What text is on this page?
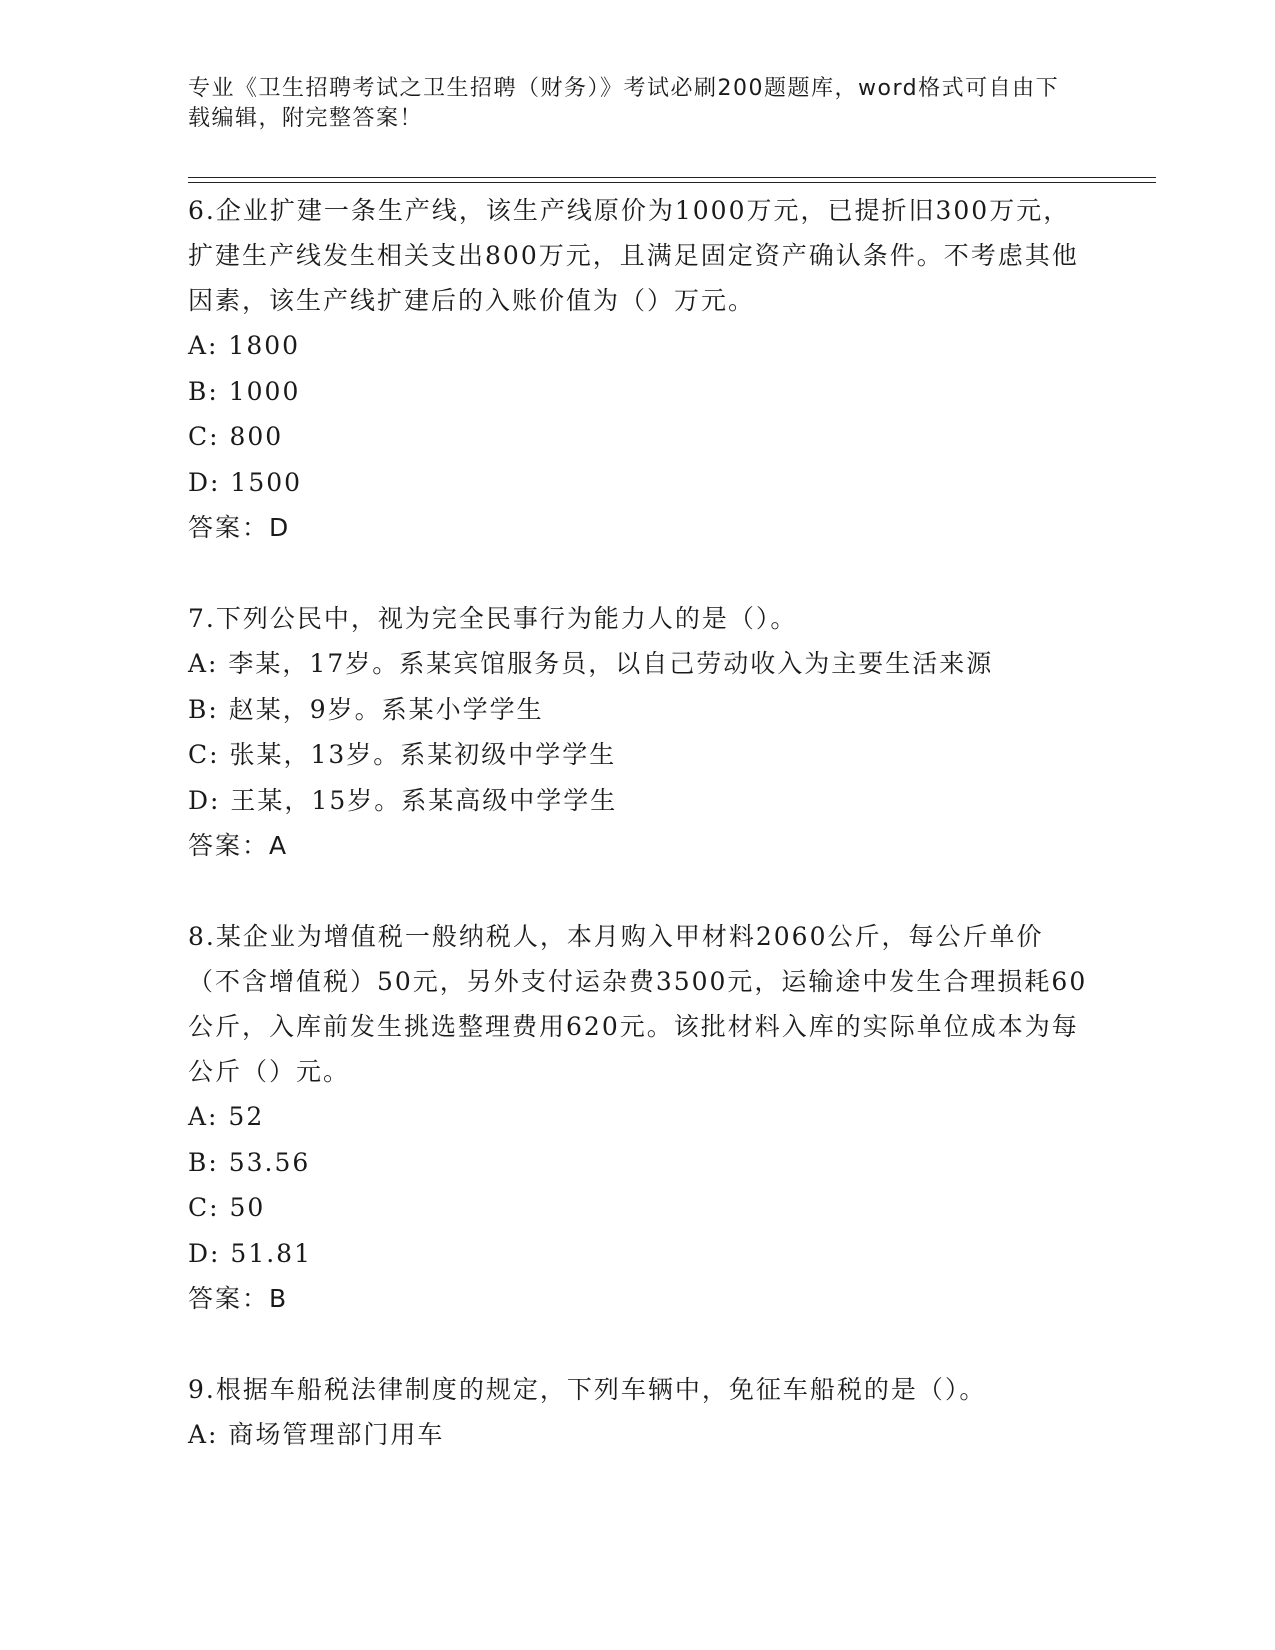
专业《卫生招聘考试之卫生招聘（财务）》考试必刷200题题库，word格式可自由下载编辑，附完整答案！
6.企业扩建一条生产线，该生产线原价为1000万元，已提折旧300万元，扩建生产线发生相关支出800万元，且满足固定资产确认条件。不考虑其他因素，该生产线扩建后的入账价值为（）万元。
A: 1800
B: 1000
C: 800
D: 1500
答案：D
7.下列公民中，视为完全民事行为能力人的是（）。
A: 李某，17岁。系某宾馆服务员，以自己劳动收入为主要生活来源
B: 赵某，9岁。系某小学学生
C: 张某，13岁。系某初级中学学生
D: 王某，15岁。系某高级中学学生
答案：A
8.某企业为增值税一般纳税人，本月购入甲材料2060公斤，每公斤单价（不含增值税）50元，另外支付运杂费3500元，运输途中发生合理损耗60公斤，入库前发生挑选整理费用620元。该批材料入库的实际单位成本为每公斤（）元。
A: 52
B: 53.56
C: 50
D: 51.81
答案：B
9.根据车船税法律制度的规定，下列车辆中，免征车船税的是（）。
A: 商场管理部门用车
